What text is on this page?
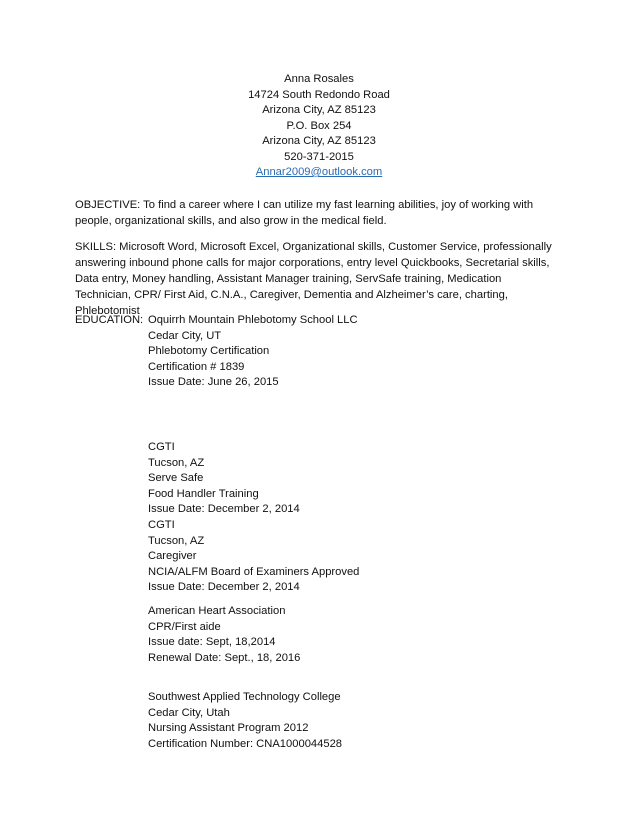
Anna Rosales
14724 South Redondo Road
Arizona City, AZ 85123
P.O. Box 254
Arizona City, AZ 85123
520-371-2015
Annar2009@outlook.com
OBJECTIVE: To find a career where I can utilize my fast learning abilities, joy of working with people, organizational skills, and also grow in the medical field.
SKILLS: Microsoft Word, Microsoft Excel, Organizational skills, Customer Service, professionally answering inbound phone calls for major corporations, entry level Quickbooks, Secretarial skills, Data entry, Money handling, Assistant Manager training, ServSafe training, Medication Technician, CPR/ First Aid, C.N.A., Caregiver, Dementia and Alzheimer’s care, charting, Phlebotomist
EDUCATION: Oquirrh Mountain Phlebotomy School LLC
Cedar City, UT
Phlebotomy Certification
Certification # 1839
Issue Date: June 26, 2015
CGTI
Tucson, AZ
Serve Safe
Food Handler Training
Issue Date: December 2, 2014
CGTI
Tucson, AZ
Caregiver
NCIA/ALFM Board of Examiners Approved
Issue Date: December 2, 2014
American Heart Association
CPR/First aide
Issue date: Sept, 18,2014
Renewal Date: Sept., 18, 2016
Southwest Applied Technology College
Cedar City, Utah
Nursing Assistant Program 2012
Certification Number: CNA1000044528
